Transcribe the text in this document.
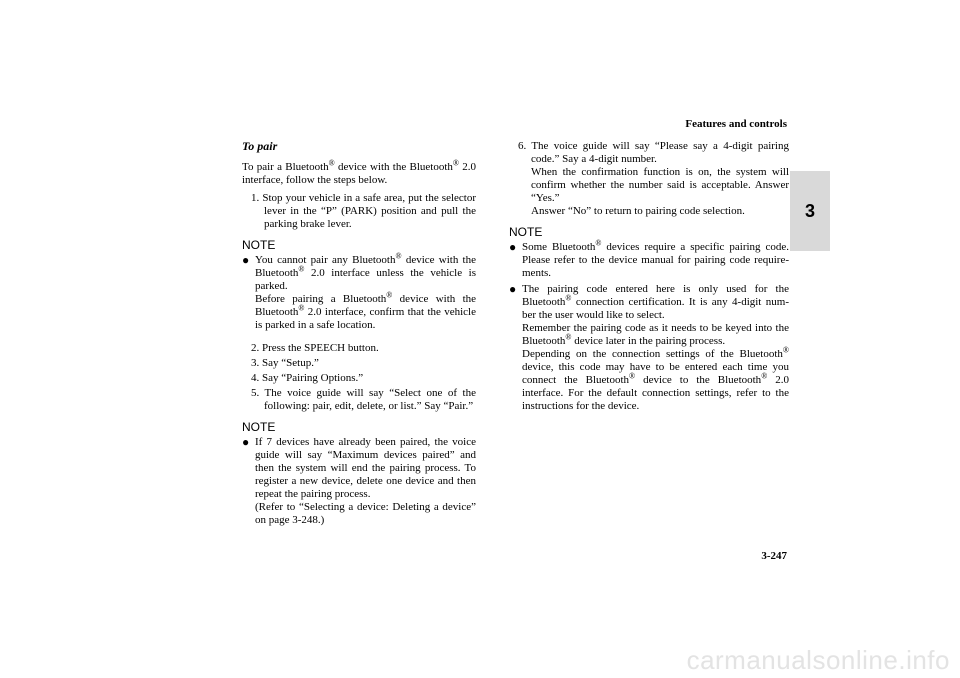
Features and controls
3
To pair

To pair a Bluetooth® device with the Bluetooth® 2.0 interface, follow the steps below.

1. Stop your vehicle in a safe area, put the selector lever in the “P” (PARK) position and pull the parking brake lever.

NOTE
● You cannot pair any Bluetooth® device with the Bluetooth® 2.0 interface unless the vehicle is parked.
Before pairing a Bluetooth® device with the Bluetooth® 2.0 interface, confirm that the vehicle is parked in a safe location.

2. Press the SPEECH button.

3. Say “Setup.”

4. Say “Pairing Options.”

5. The voice guide will say “Select one of the following: pair, edit, delete, or list.” Say “Pair.”

NOTE
● If 7 devices have already been paired, the voice guide will say “Maximum devices paired” and then the system will end the pairing process. To register a new device, delete one device and then repeat the pairing process.
(Refer to “Selecting a device: Deleting a device” on page 3-248.)
6. The voice guide will say “Please say a 4-digit pairing code.” Say a 4-digit number.
When the confirmation function is on, the system will confirm whether the number said is acceptable. Answer “Yes.”
Answer “No” to return to pairing code selection.
NOTE
● Some Bluetooth® devices require a specific pairing code. Please refer to the device manual for pairing code require-ments.
● The pairing code entered here is only used for the Bluetooth® connection certification. It is any 4-digit num-ber the user would like to select.
Remember the pairing code as it needs to be keyed into the Bluetooth® device later in the pairing process.
Depending on the connection settings of the Bluetooth® device, this code may have to be entered each time you connect the Bluetooth® device to the Bluetooth® 2.0 interface. For the default connection settings, refer to the instructions for the device.
3-247
carmanualsonline.info
